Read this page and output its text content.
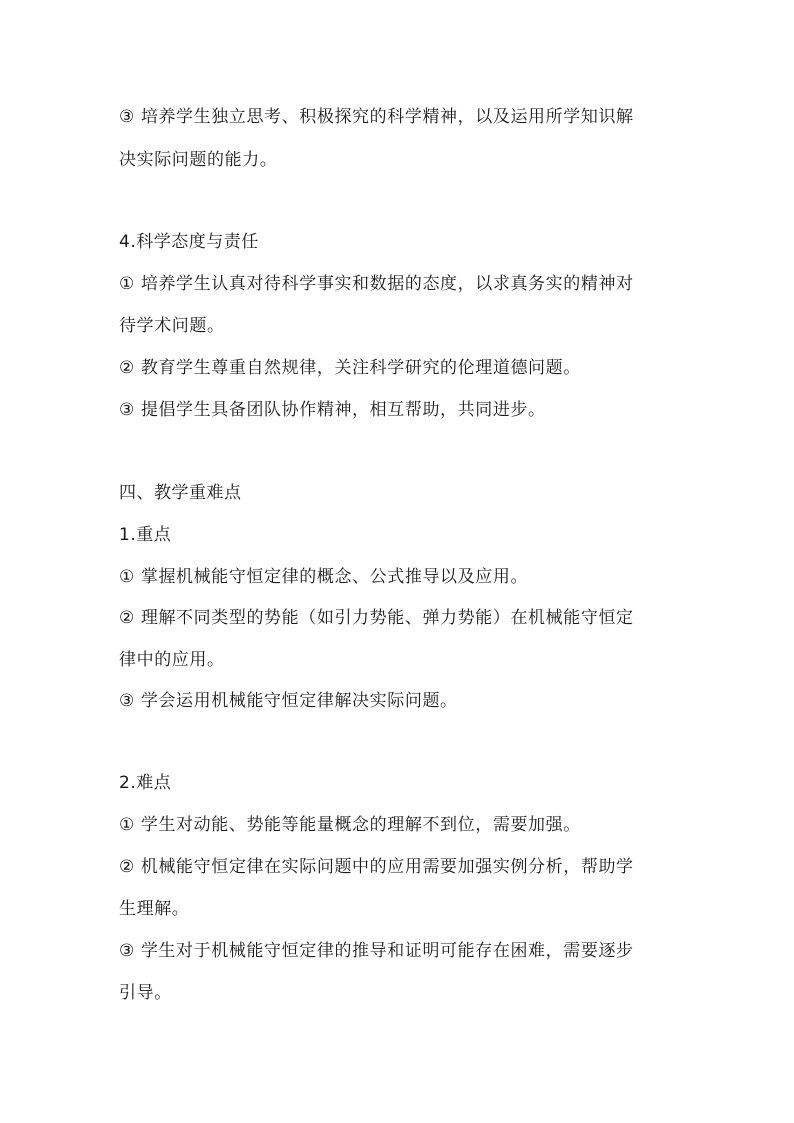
③ 培养学生独立思考、积极探究的科学精神，以及运用所学知识解
决实际问题的能力。
4.科学态度与责任
① 培养学生认真对待科学事实和数据的态度，以求真务实的精神对
待学术问题。
② 教育学生尊重自然规律，关注科学研究的伦理道德问题。
③ 提倡学生具备团队协作精神，相互帮助，共同进步。
四、教学重难点
1.重点
① 掌握机械能守恒定律的概念、公式推导以及应用。
② 理解不同类型的势能（如引力势能、弹力势能）在机械能守恒定
律中的应用。
③ 学会运用机械能守恒定律解决实际问题。
2.难点
① 学生对动能、势能等能量概念的理解不到位，需要加强。
② 机械能守恒定律在实际问题中的应用需要加强实例分析，帮助学
生理解。
③ 学生对于机械能守恒定律的推导和证明可能存在困难，需要逐步
引导。
